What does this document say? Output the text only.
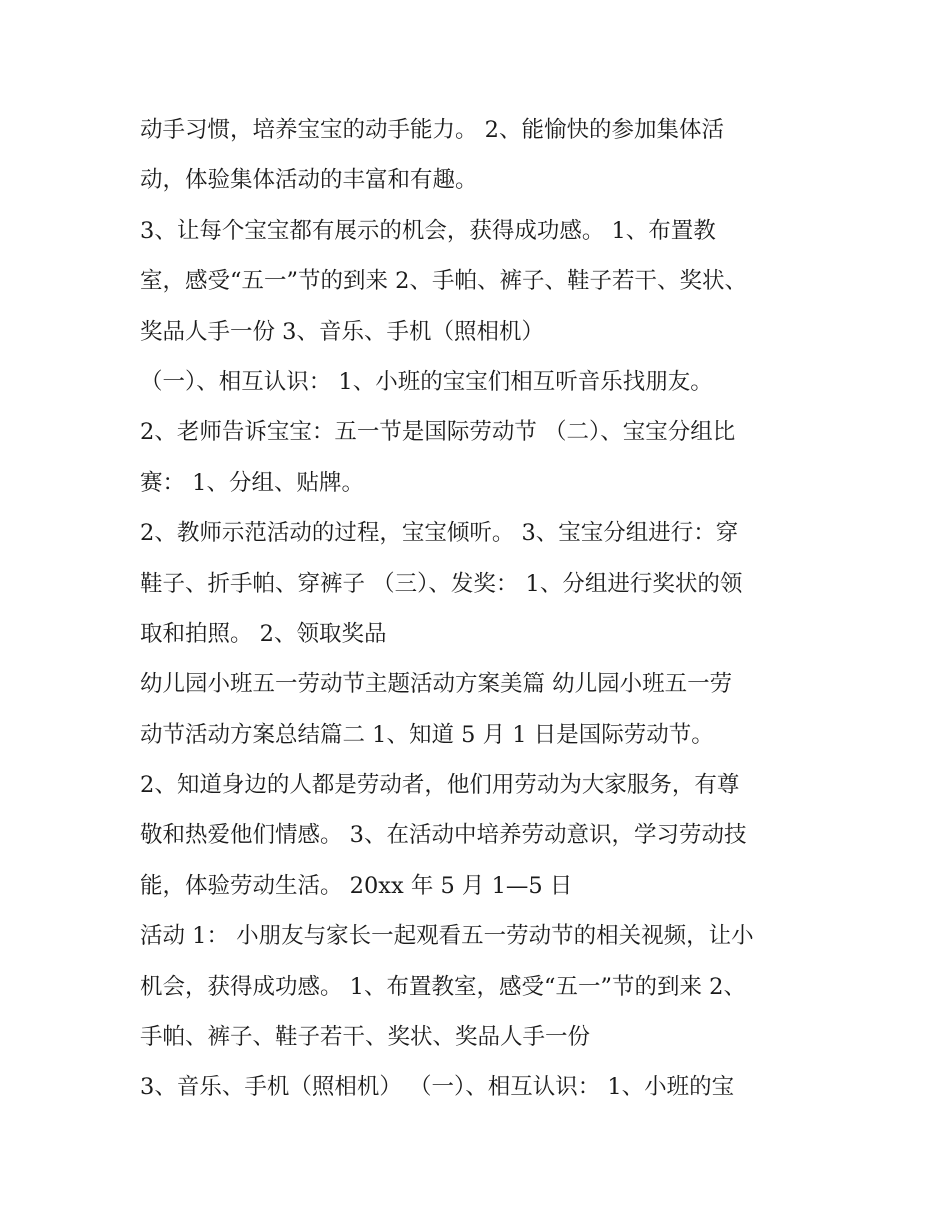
动手习惯，培养宝宝的动手能力。 2、能愉快的参加集体活
动，体验集体活动的丰富和有趣。
3、让每个宝宝都有展示的机会，获得成功感。 1、布置教
室，感受“五一”节的到来 2、手帕、裤子、鞋子若干、奖状、
奖品人手一份 3、音乐、手机（照相机）
（一）、相互认识： 1、小班的宝宝们相互听音乐找朋友。
2、老师告诉宝宝：五一节是国际劳动节 （二）、宝宝分组比
赛： 1、分组、贴牌。
2、教师示范活动的过程，宝宝倾听。 3、宝宝分组进行：穿
鞋子、折手帕、穿裤子 （三）、发奖： 1、分组进行奖状的领
取和拍照。 2、领取奖品
幼儿园小班五一劳动节主题活动方案美篇 幼儿园小班五一劳
动节活动方案总结篇二 1、知道 5 月 1 日是国际劳动节。
2、知道身边的人都是劳动者，他们用劳动为大家服务，有尊
敬和热爱他们情感。 3、在活动中培养劳动意识，学习劳动技
能，体验劳动生活。 20xx 年 5 月 1—5 日
活动 1： 小朋友与家长一起观看五一劳动节的相关视频，让小
机会，获得成功感。 1、布置教室，感受“五一”节的到来 2、
手帕、裤子、鞋子若干、奖状、奖品人手一份
3、音乐、手机（照相机） （一）、相互认识： 1、小班的宝
